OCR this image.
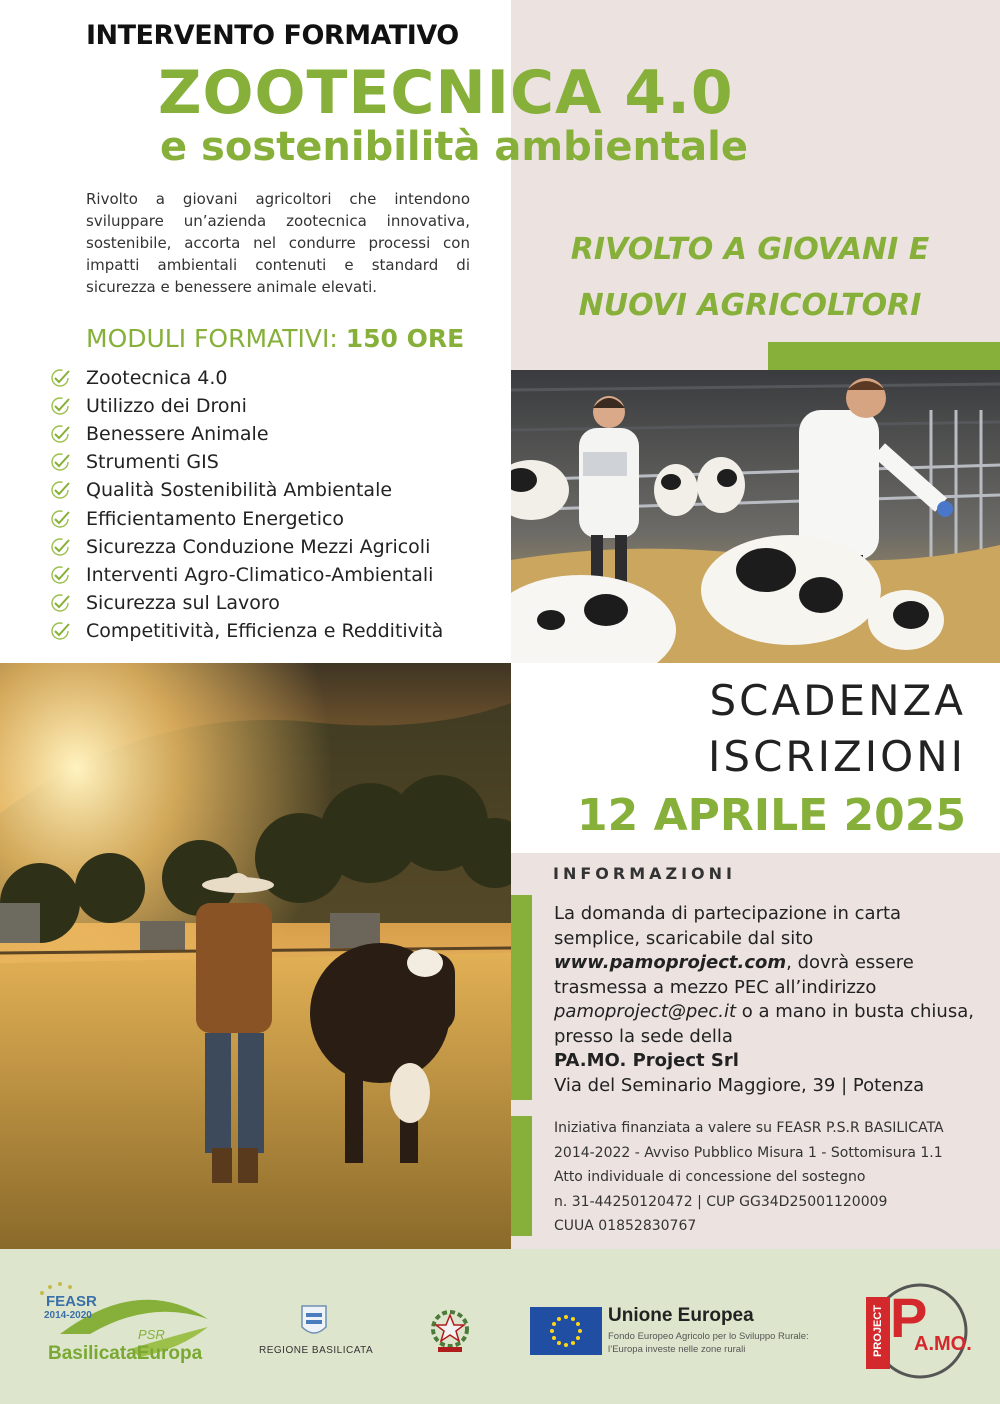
INTERVENTO FORMATIVO
ZOOTECNICA 4.0
e sostenibilità ambientale
Rivolto a giovani agricoltori che intendono sviluppare un’azienda zootecnica innovativa, sostenibile, accorta nel condurre processi con impatti ambientali contenuti e standard di sicurezza e benessere animale elevati.
RIVOLTO A GIOVANI E
NUOVI AGRICOLTORI
MODULI FORMATIVI: 150 ORE
Zootecnica 4.0
Utilizzo dei Droni
Benessere Animale
Strumenti GIS
Qualità Sostenibilità Ambientale
Efficientamento Energetico
Sicurezza Conduzione Mezzi Agricoli
Interventi Agro-Climatico-Ambientali
Sicurezza sul Lavoro
Competitività, Efficienza e Redditività
SCADENZA
ISCRIZIONI
12 APRILE 2025
INFORMAZIONI
La domanda di partecipazione in carta semplice, scaricabile dal sito www.pamoproject.com, dovrà essere trasmessa a mezzo PEC all’indirizzo pamoproject@pec.it o a mano in busta chiusa, presso la sede della
PA.MO. Project Srl
Via del Seminario Maggiore, 39 | Potenza
Iniziativa finanziata a valere su FEASR P.S.R BASILICATA
2014-2022 - Avviso Pubblico Misura 1 - Sottomisura 1.1
Atto individuale di concessione del sostegno
n. 31-44250120472 | CUP GG34D25001120009
CUUA 01852830767
FEASR
2014-2020
PSR
BasilicataEuropa	REGIONE BASILICATA
Unione Europea
Fondo Europeo Agricolo per lo Sviluppo Rurale:
l’Europa investe nelle zone rurali	PROJECT P
A.MO.
